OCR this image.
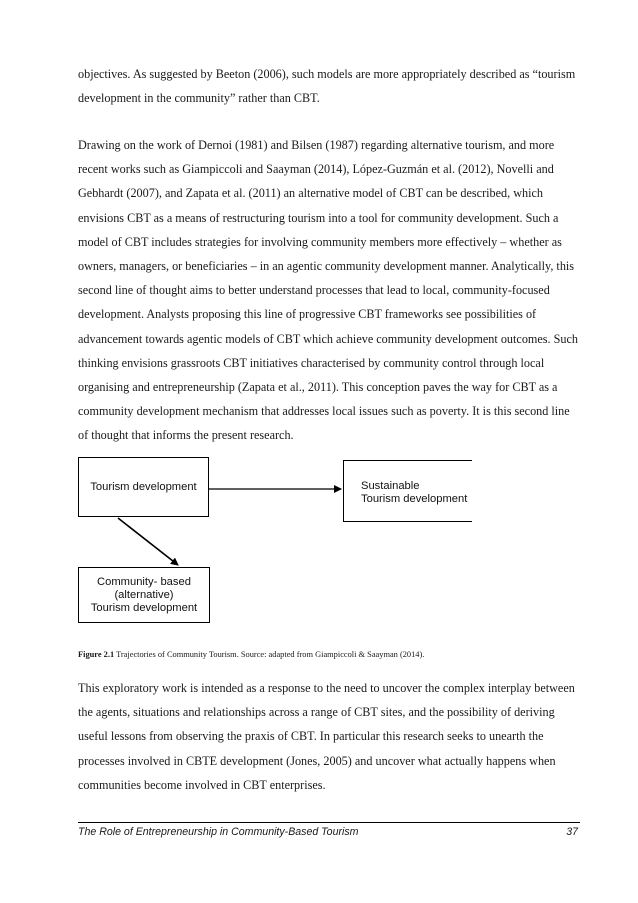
objectives. As suggested by Beeton (2006), such models are more appropriately described as “tourism development in the community” rather than CBT.

Drawing on the work of Dernoi (1981) and Bilsen (1987) regarding alternative tourism, and more recent works such as Giampiccoli and Saayman (2014), López-Guzmán et al. (2012), Novelli and Gebhardt (2007), and Zapata et al. (2011) an alternative model of CBT can be described, which envisions CBT as a means of restructuring tourism into a tool for community development. Such a model of CBT includes strategies for involving community members more effectively – whether as owners, managers, or beneficiaries – in an agentic community development manner. Analytically, this second line of thought aims to better understand processes that lead to local, community-focused development. Analysts proposing this line of progressive CBT frameworks see possibilities of advancement towards agentic models of CBT which achieve community development outcomes. Such thinking envisions grassroots CBT initiatives characterised by community control through local organising and entrepreneurship (Zapata et al., 2011). This conception paves the way for CBT as a community development mechanism that addresses local issues such as poverty. It is this second line of thought that informs the present research.

Tourism development	Sustainable
Tourism development
Community- based
(alternative)
Tourism development
Figure 2.1 Trajectories of Community Tourism. Source: adapted from Giampiccoli & Saayman (2014).

This exploratory work is intended as a response to the need to uncover the complex interplay between the agents, situations and relationships across a range of CBT sites, and the possibility of deriving useful lessons from observing the praxis of CBT. In particular this research seeks to unearth the processes involved in CBTE development (Jones, 2005) and uncover what actually happens when communities become involved in CBT enterprises.

The Role of Entrepreneurship in Community-Based Tourism	37
